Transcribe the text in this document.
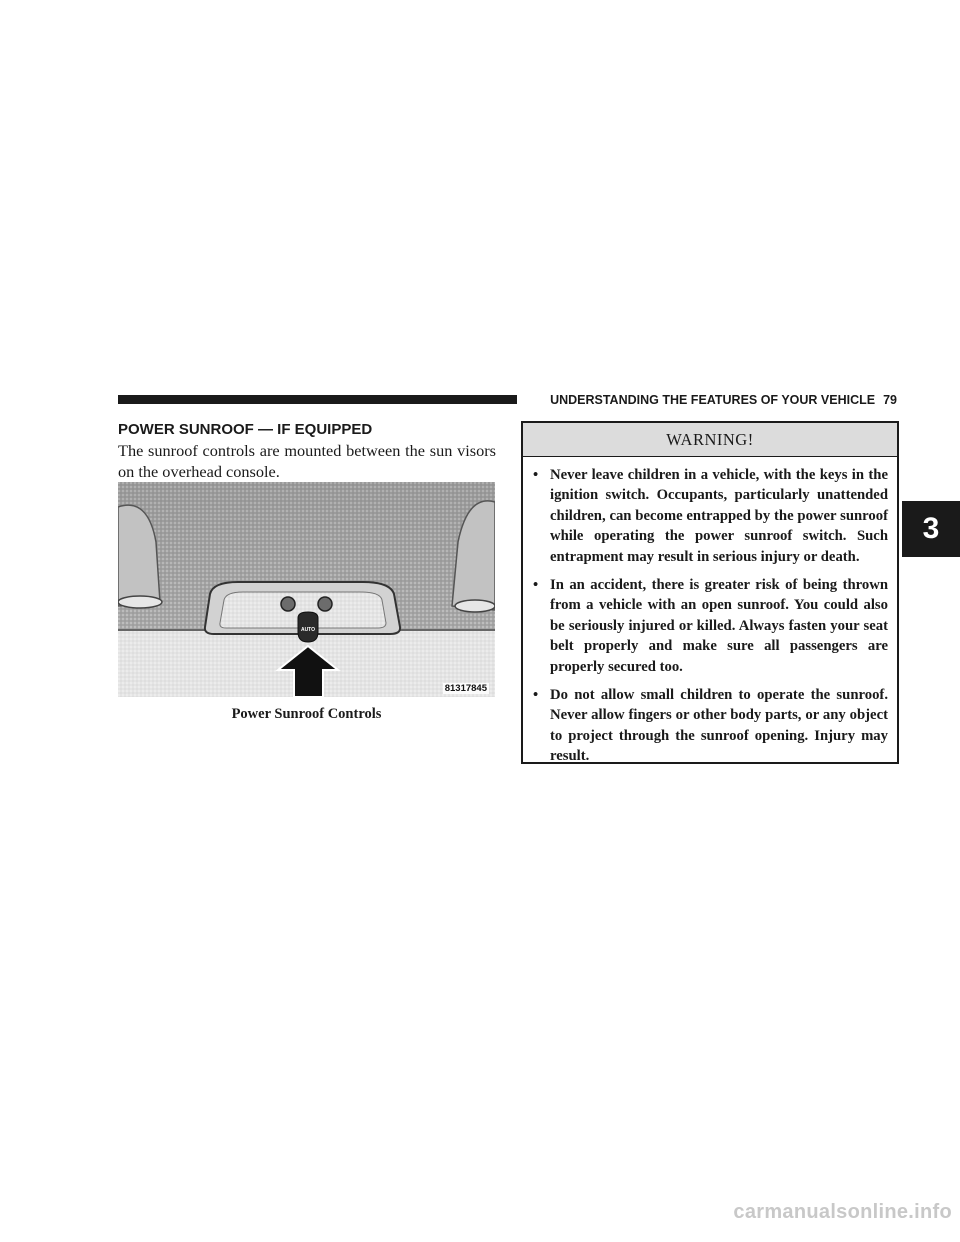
UNDERSTANDING THE FEATURES OF YOUR VEHICLE 79
POWER SUNROOF — IF EQUIPPED
The sunroof controls are mounted between the sun visors on the overhead console.
AUTO
81317845
Power Sunroof Controls
WARNING!
• Never leave children in a vehicle, with the keys in the ignition switch. Occupants, particularly unattended children, can become entrapped by the power sunroof while operating the power sunroof switch. Such entrapment may result in serious injury or death.
• In an accident, there is greater risk of being thrown from a vehicle with an open sunroof. You could also be seriously injured or killed. Always fasten your seat belt properly and make sure all passengers are properly secured too.
• Do not allow small children to operate the sunroof. Never allow fingers or other body parts, or any object to project through the sunroof opening. Injury may result.
3
carmanualsonline.info
